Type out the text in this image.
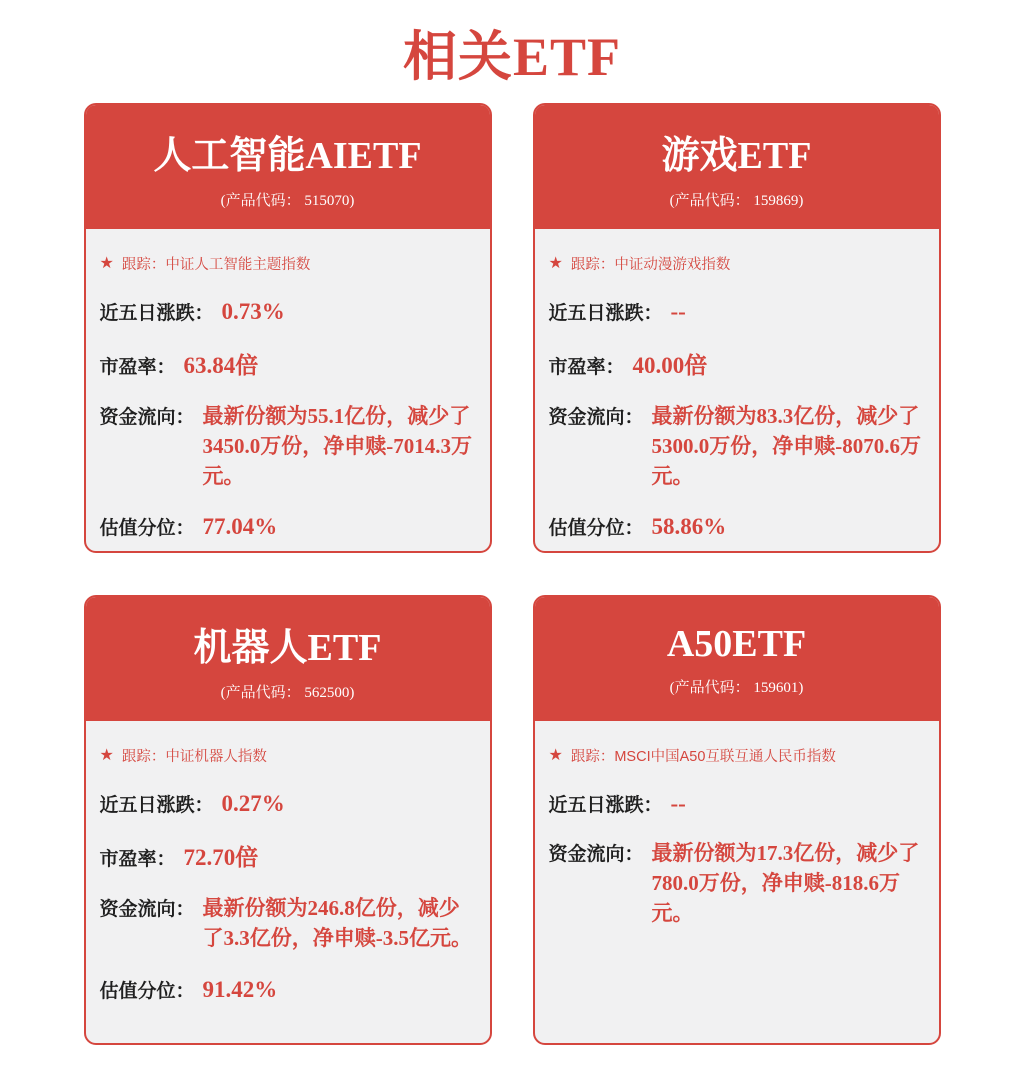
相关ETF
人工智能AIETF
(产品代码： 515070)
★ 跟踪： 中证人工智能主题指数
近五日涨跌： 0.73%
市盈率： 63.84倍
资金流向： 最新份额为55.1亿份，减少了3450.0万份，净申赎-7014.3万元。
估值分位： 77.04%
游戏ETF
(产品代码： 159869)
★ 跟踪： 中证动漫游戏指数
近五日涨跌： --
市盈率： 40.00倍
资金流向： 最新份额为83.3亿份，减少了5300.0万份，净申赎-8070.6万元。
估值分位： 58.86%
机器人ETF
(产品代码： 562500)
★ 跟踪： 中证机器人指数
近五日涨跌： 0.27%
市盈率： 72.70倍
资金流向： 最新份额为246.8亿份，减少了3.3亿份，净申赎-3.5亿元。
估值分位： 91.42%
A50ETF
(产品代码： 159601)
★ 跟踪： MSCI中国A50互联互通人民币指数
近五日涨跌： --
资金流向： 最新份额为17.3亿份，减少了780.0万份，净申赎-818.6万元。
